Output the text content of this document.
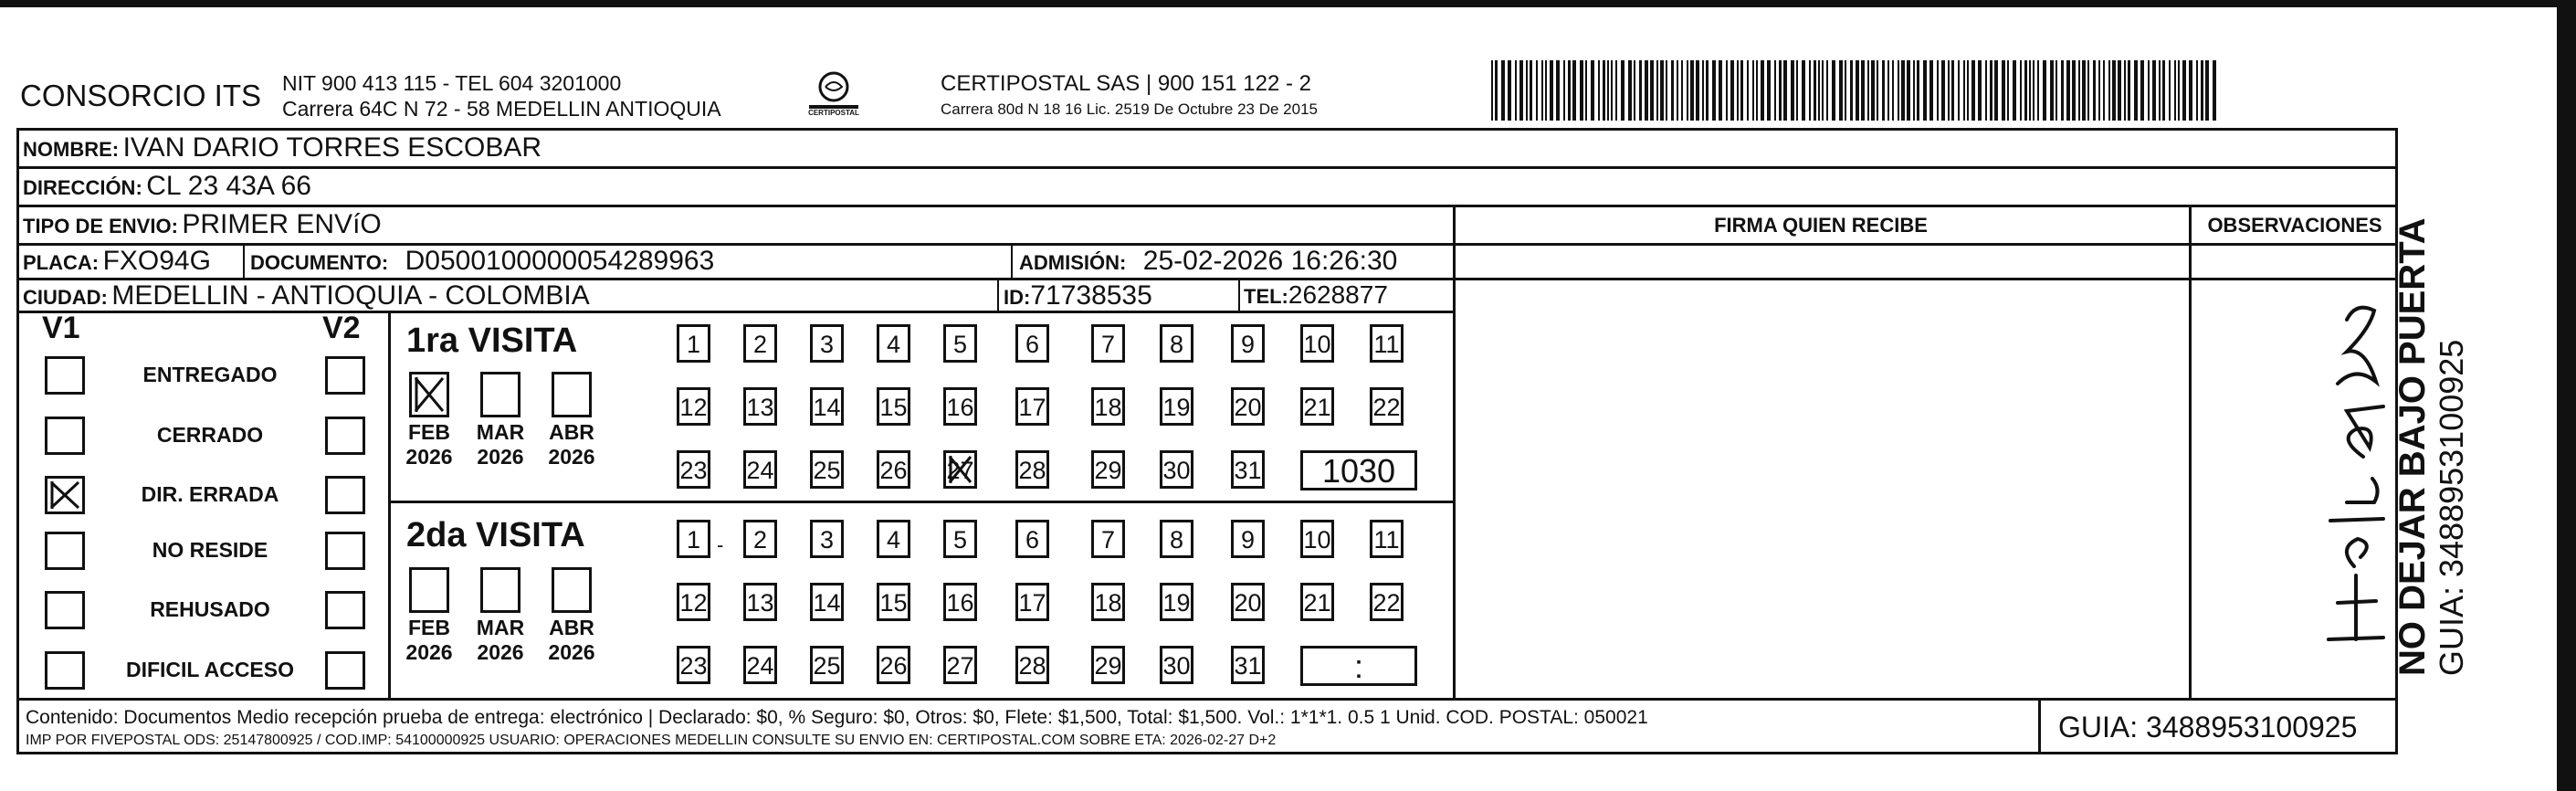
CONSORCIO ITS NIT 900 413 115 - TEL 604 3201000
Carrera 64C N 72 - 58 MEDELLIN ANTIOQUIA	CERTIPOSTAL
CERTIPOSTAL SAS | 900 151 122 - 2
Carrera 80d N 18 16 Lic. 2519 De Octubre 23 De 2015
NOMBRE: IVAN DARIO TORRES ESCOBAR
DIRECCIÓN: CL 23 43A 66
TIPO DE ENVIO: PRIMER ENVíO	FIRMA QUIEN RECIBE	OBSERVACIONES
PLACA: FXO94G DOCUMENTO: D0500100000054289963	ADMISIÓN: 25-02-2026 16:26:30
CIUDAD: MEDELLIN - ANTIOQUIA - COLOMBIA	ID:71738535	TEL:2628877
V1	V2
ENTREGADO
CERRADO
DIR. ERRADA
NO RESIDE
REHUSADO
DIFICIL ACCESO
1ra VISITA
2da VISITA
1	2	3	4	5	6	7	8	9	10 11
12 13 14 15 16 17 18 19 20 21 22
23 24 25 26 27 28 29 30 31	1030
FEB
2026
MAR
2026
ABR
2026
1	2	3	4	5	6	7	8	9	10 11
12 13 14 15 16 17 18 19 20 21 22
23 24 25 26 27 28 29 30 31	:
FEB
2026
MAR
2026
ABR
2026
-	NO DEJAR BAJO PUERTA GUIA: 3488953100925
Contenido: Documentos Medio recepción prueba de entrega: electrónico | Declarado: $0, % Seguro: $0, Otros: $0, Flete: $1,500, Total: $1,500. Vol.: 1*1*1. 0.5 1 Unid. COD. POSTAL: 050021
IMP POR FIVEPOSTAL ODS: 25147800925 / COD.IMP: 54100000925 USUARIO: OPERACIONES MEDELLIN CONSULTE SU ENVIO EN: CERTIPOSTAL.COM SOBRE ETA: 2026-02-27 D+2	GUIA: 3488953100925
